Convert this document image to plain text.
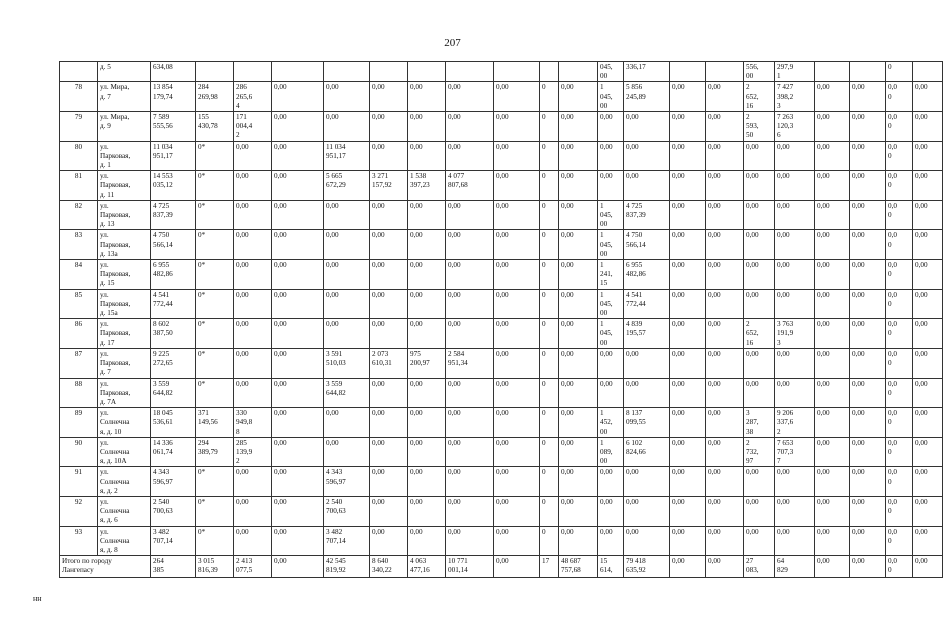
207
	д. 5	634,08											045,
00	336,17			556,
00	297,9
1			0	
78	ул. Мира,
д. 7	13 854
179,74	284
269,98	286
265,6
4	0,00	0,00	0,00	0,00	0,00	0,00	0	0,00	1
045,
00	5 856
245,89	0,00	0,00	2
652,
16	7 427
398,2
3	0,00	0,00	0,0
0	0,00
79	ул. Мира,
д. 9	7 589
555,56	155
430,78	171
004,4
2	0,00	0,00	0,00	0,00	0,00	0,00	0	0,00	0,00	0,00	0,00	0,00	2
593,
50	7 263
120,3
6	0,00	0,00	0,0
0	0,00
80	ул.
Парковая,
д. 1	11 034
951,17	0*	0,00	0,00	11 034
951,17	0,00	0,00	0,00	0,00	0	0,00	0,00	0,00	0,00	0,00	0,00	0,00	0,00	0,00	0,0
0	0,00
81	ул.
Парковая,
д. 11	14 553
035,12	0*	0,00	0,00	5 665
672,29	3 271
157,92	1 538
397,23	4 077
807,68	0,00	0	0,00	0,00	0,00	0,00	0,00	0,00	0,00	0,00	0,00	0,0
0	0,00
82	ул.
Парковая,
д. 13	4 725
837,39	0*	0,00	0,00	0,00	0,00	0,00	0,00	0,00	0	0,00	1
045,
00	4 725
837,39	0,00	0,00	0,00	0,00	0,00	0,00	0,0
0	0,00
83	ул.
Парковая,
д. 13а	4 750
566,14	0*	0,00	0,00	0,00	0,00	0,00	0,00	0,00	0	0,00	1
045,
00	4 750
566,14	0,00	0,00	0,00	0,00	0,00	0,00	0,0
0	0,00
84	ул.
Парковая,
д. 15	6 955
482,86	0*	0,00	0,00	0,00	0,00	0,00	0,00	0,00	0	0,00	1
241,
15	6 955
482,86	0,00	0,00	0,00	0,00	0,00	0,00	0,0
0	0,00
85	ул.
Парковая,
д. 15а	4 541
772,44	0*	0,00	0,00	0,00	0,00	0,00	0,00	0,00	0	0,00	1
045,
00	4 541
772,44	0,00	0,00	0,00	0,00	0,00	0,00	0,0
0	0,00
86	ул.
Парковая,
д. 17	8 602
387,50	0*	0,00	0,00	0,00	0,00	0,00	0,00	0,00	0	0,00	1
045,
00	4 839
195,57	0,00	0,00	2
652,
16	3 763
191,9
3	0,00	0,00	0,0
0	0,00
87	ул.
Парковая,
д. 7	9 225
272,65	0*	0,00	0,00	3 591
510,03	2 073
610,31	975
200,97	2 584
951,34	0,00	0	0,00	0,00	0,00	0,00	0,00	0,00	0,00	0,00	0,00	0,0
0	0,00
88	ул.
Парковая,
д. 7А	3 559
644,82	0*	0,00	0,00	3 559
644,82	0,00	0,00	0,00	0,00	0	0,00	0,00	0,00	0,00	0,00	0,00	0,00	0,00	0,00	0,0
0	0,00
89	ул.
Солнечна
я, д. 10	18 045
536,61	371
149,56	330
949,8
8	0,00	0,00	0,00	0,00	0,00	0,00	0	0,00	1
452,
00	8 137
099,55	0,00	0,00	3
287,
38	9 206
337,6
2	0,00	0,00	0,0
0	0,00
90	ул.
Солнечна
я, д. 10А	14 336
061,74	294
389,79	285
139,9
2	0,00	0,00	0,00	0,00	0,00	0,00	0	0,00	1
089,
00	6 102
824,66	0,00	0,00	2
732,
97	7 653
707,3
7	0,00	0,00	0,0
0	0,00
91	ул.
Солнечна
я, д. 2	4 343
596,97	0*	0,00	0,00	4 343
596,97	0,00	0,00	0,00	0,00	0	0,00	0,00	0,00	0,00	0,00	0,00	0,00	0,00	0,00	0,0
0	0,00
92	ул.
Солнечна
я, д. 6	2 540
700,63	0*	0,00	0,00	2 540
700,63	0,00	0,00	0,00	0,00	0	0,00	0,00	0,00	0,00	0,00	0,00	0,00	0,00	0,00	0,0
0	0,00
93	ул.
Солнечна
я, д. 8	3 482
707,14	0*	0,00	0,00	3 482
707,14	0,00	0,00	0,00	0,00	0	0,00	0,00	0,00	0,00	0,00	0,00	0,00	0,00	0,00	0,0
0	0,00
Итого по городу
Лангепасу		264
385	3 015
816,39	2 413
077,5	0,00	42 545
819,92	8 640
340,22	4 063
477,16	10 771
001,14	0,00	17	48 687
757,68	15
614,	79 418
635,92	0,00	0,00	27
083,	64
829	0,00	0,00	0,0
0	0,00
нн
